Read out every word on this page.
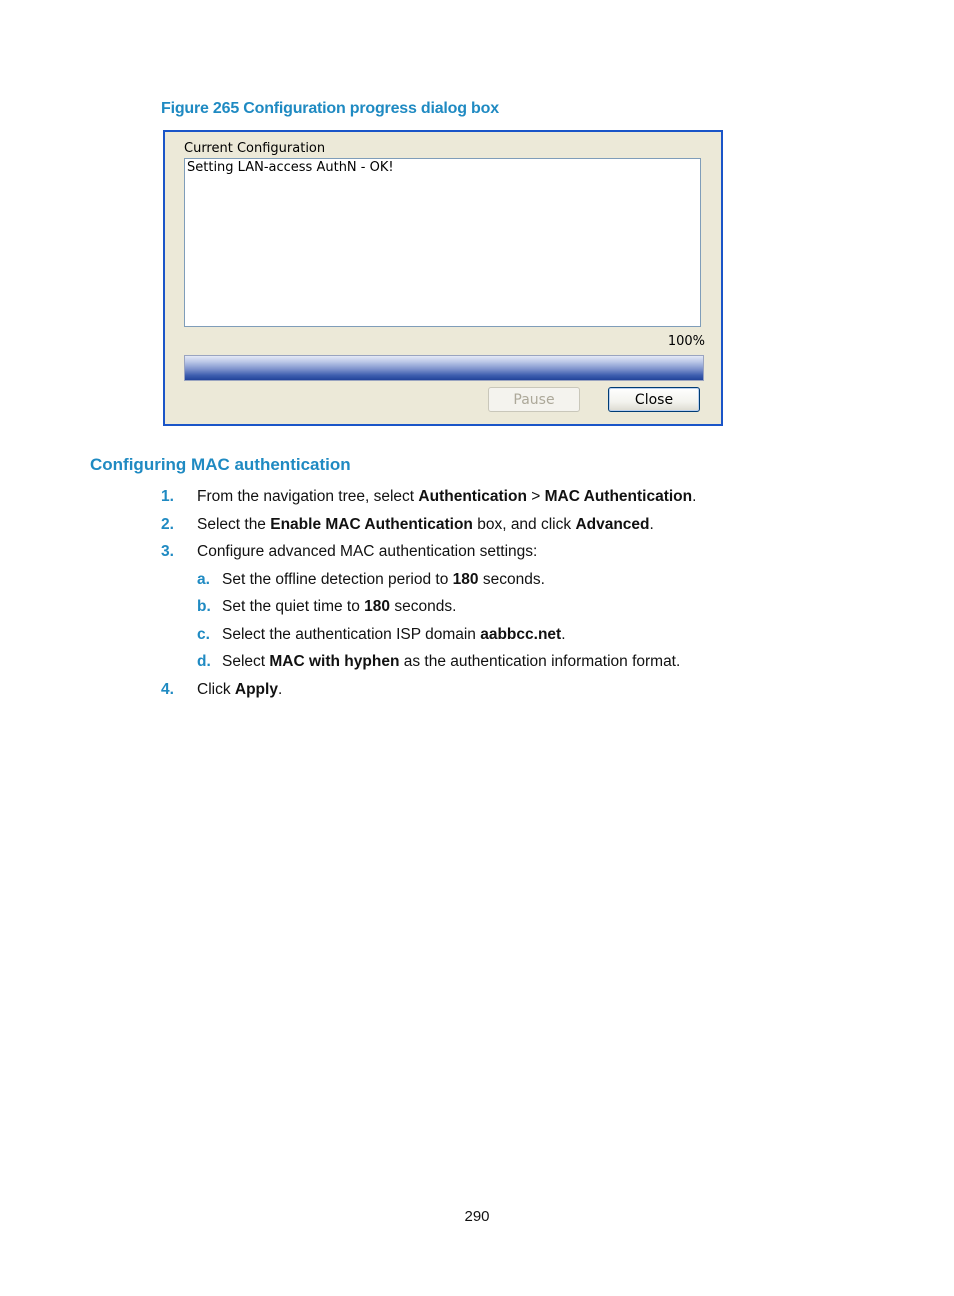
Figure 265 Configuration progress dialog box
Current Configuration
Setting LAN-access AuthN - OK!
100%
Pause	Close
Configuring MAC authentication
1. From the navigation tree, select Authentication > MAC Authentication.
2. Select the Enable MAC Authentication box, and click Advanced.
3. Configure advanced MAC authentication settings:
a. Set the offline detection period to 180 seconds.
b. Set the quiet time to 180 seconds.
c. Select the authentication ISP domain aabbcc.net.
d. Select MAC with hyphen as the authentication information format.
4. Click Apply.
290
